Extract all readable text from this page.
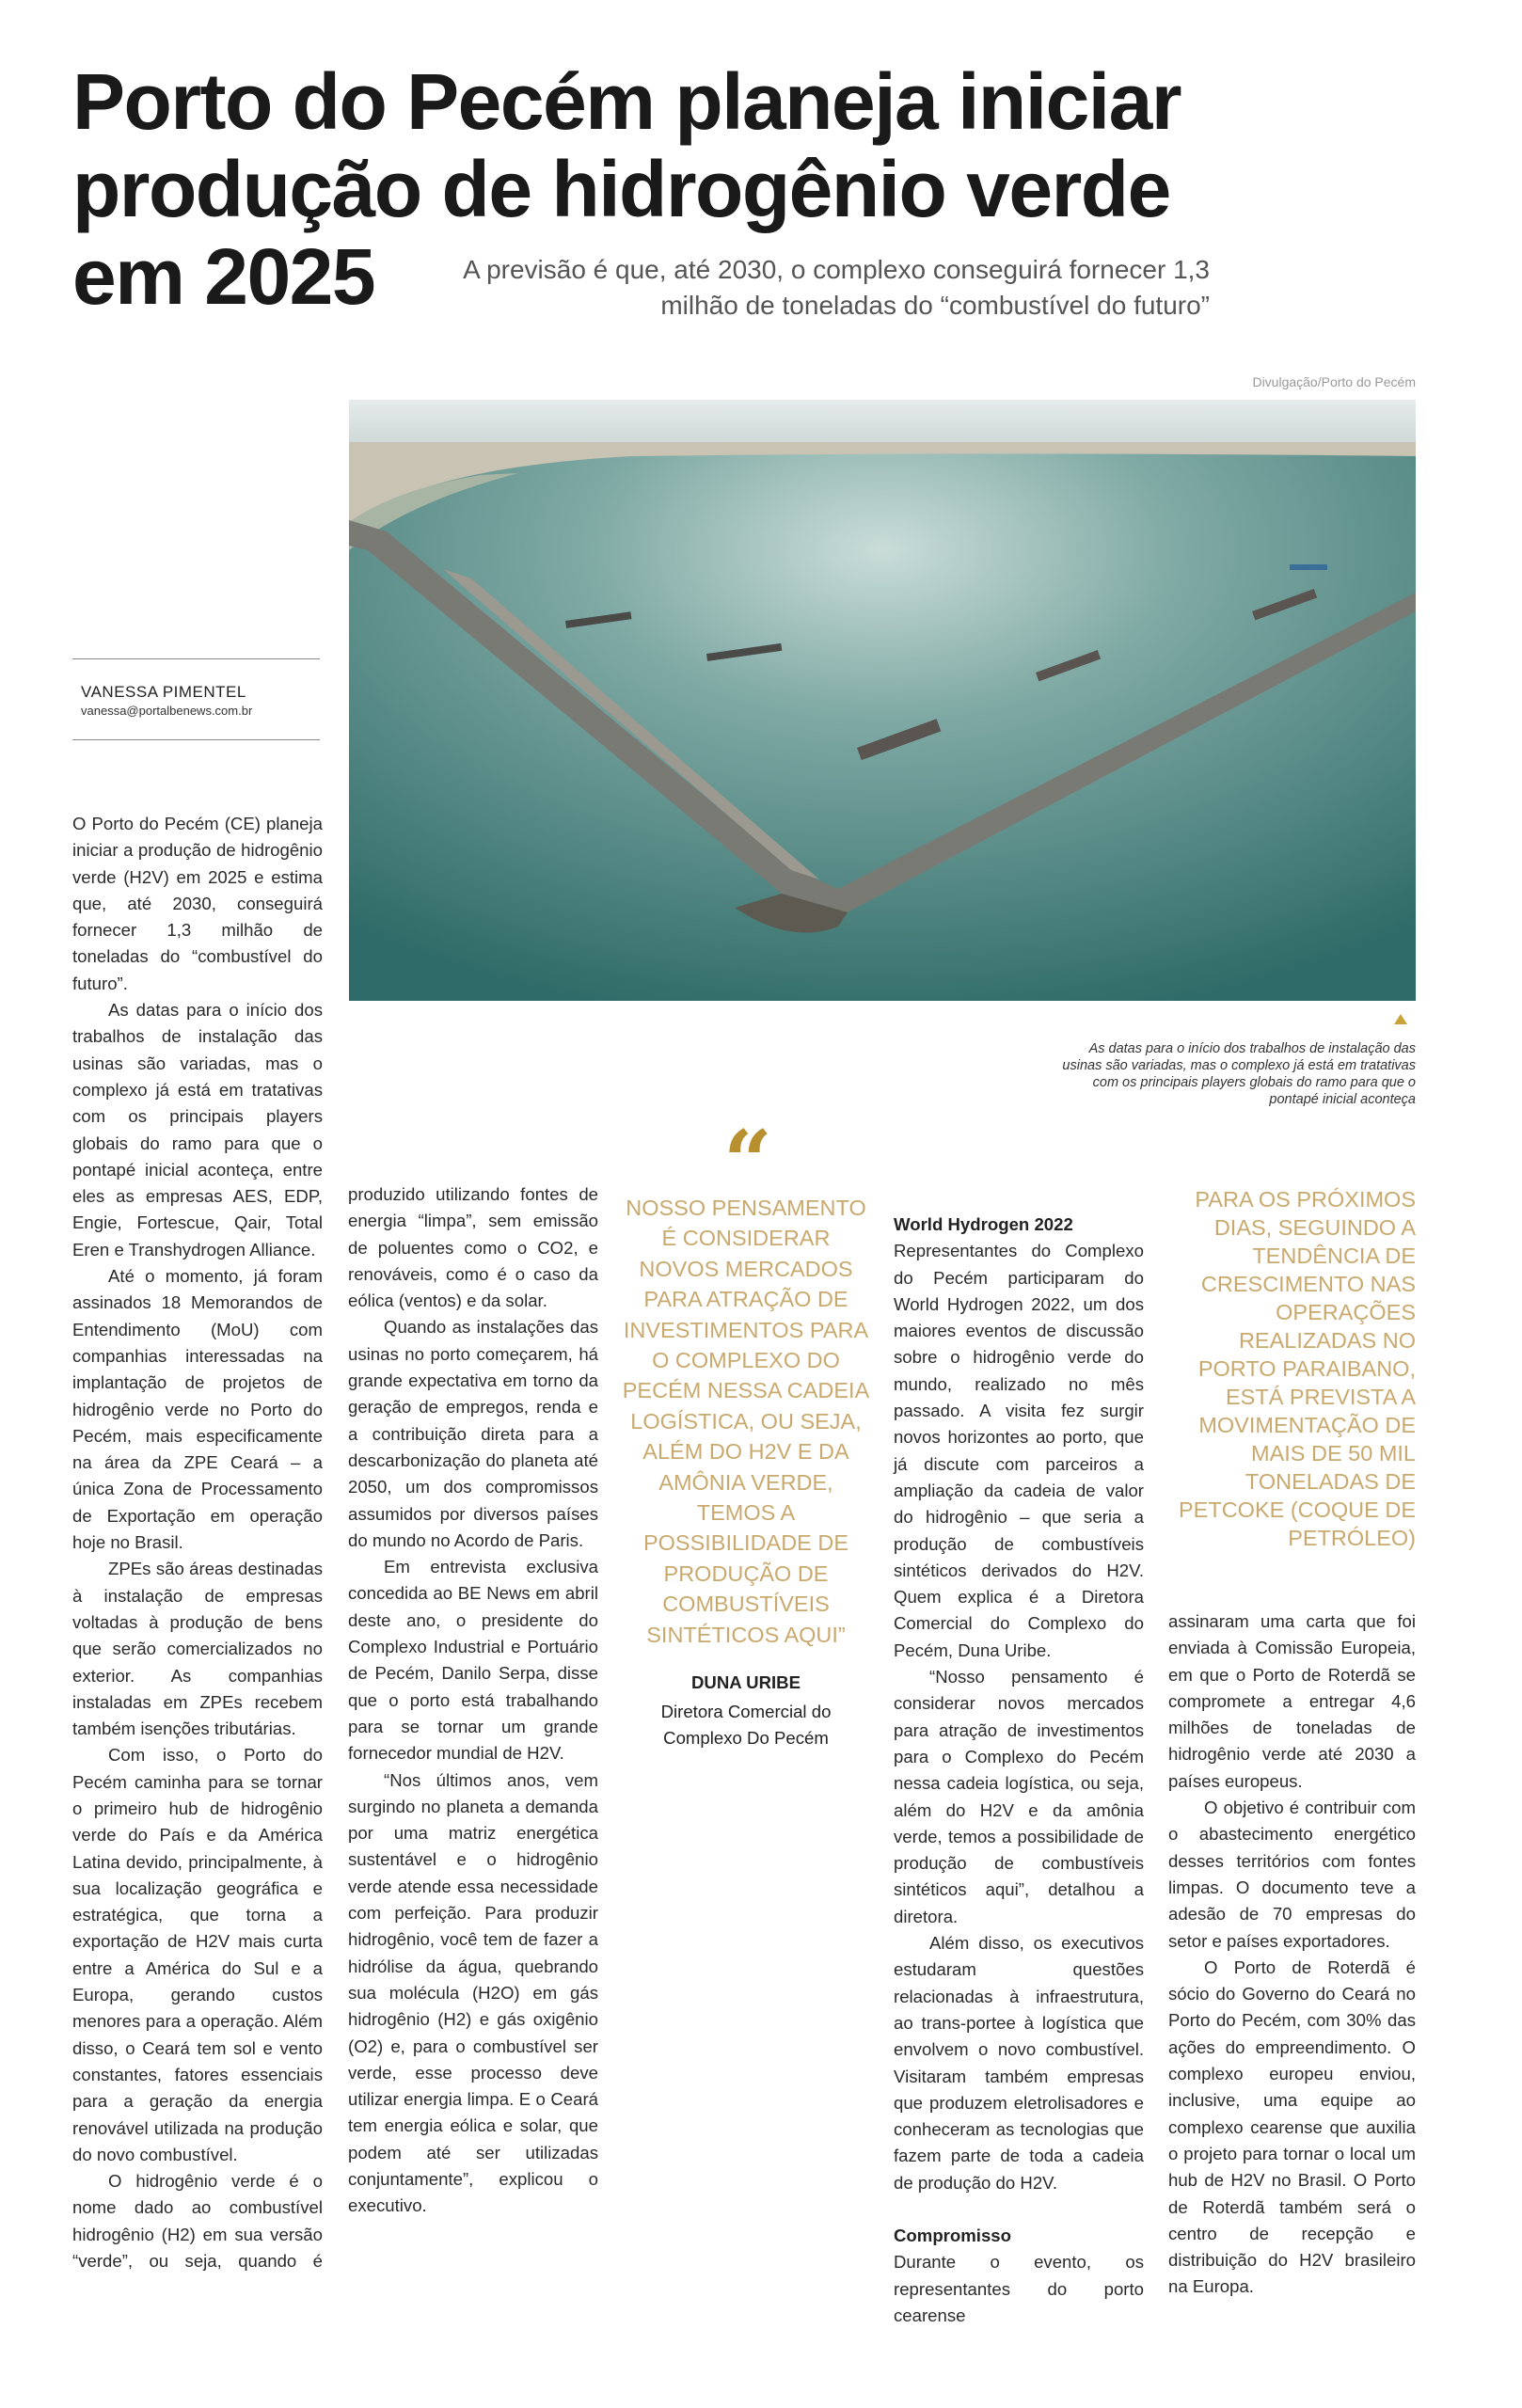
Porto do Pecém planeja iniciar produção de hidrogênio verde em 2025	A previsão é que, até 2030, o complexo conseguirá fornecer 1,3 milhão de toneladas do “combustível do futuro”
Divulgação/Porto do Pecém
As datas para o início dos trabalhos de instalação das usinas são variadas, mas o complexo já está em tratativas com os principais players globais do ramo para que o pontapé inicial aconteça
VANESSA PIMENTEL
vanessa@portalbenews.com.br

O Porto do Pecém (CE) planeja iniciar a produção de hidrogênio verde (H2V) em 2025 e estima que, até 2030, conseguirá fornecer 1,3 milhão de toneladas do “combustível do futuro”.

As datas para o início dos trabalhos de instalação das usinas são variadas, mas o complexo já está em tratativas com os principais players globais do ramo para que o pontapé inicial aconteça, entre eles as empresas AES, EDP, Engie, Fortescue, Qair, Total Eren e Transhydrogen Alliance.

Até o momento, já foram assinados 18 Memorandos de Entendimento (MoU) com companhias interessadas na implantação de projetos de hidrogênio verde no Porto do Pecém, mais especificamente na área da ZPE Ceará – a única Zona de Processamento de Exportação em operação hoje no Brasil.

ZPEs são áreas destinadas à instalação de empresas voltadas à produção de bens que serão comercializados no exterior. As companhias instaladas em ZPEs recebem também isenções tributárias.

Com isso, o Porto do Pecém caminha para se tornar o primeiro hub de hidrogênio verde do País e da América Latina devido, principalmente, à sua localização geográfica e estratégica, que torna a exportação de H2V mais curta entre a América do Sul e a Europa, gerando custos menores para a operação. Além disso, o Ceará tem sol e vento constantes, fatores essenciais para a geração da energia renovável utilizada na produção do novo combustível.

O hidrogênio verde é o nome dado ao combustível hidrogênio (H2) em sua versão “verde”, ou seja, quando é

produzido utilizando fontes de energia “limpa”, sem emissão de poluentes como o CO2, e renováveis, como é o caso da eólica (ventos) e da solar.

Quando as instalações das usinas no porto começarem, há grande expectativa em torno da geração de empregos, renda e a contribuição direta para a descarbonização do planeta até 2050, um dos compromissos assumidos por diversos países do mundo no Acordo de Paris.

Em entrevista exclusiva concedida ao BE News em abril deste ano, o presidente do Complexo Industrial e Portuário de Pecém, Danilo Serpa, disse que o porto está trabalhando para se tornar um grande fornecedor mundial de H2V.

“Nos últimos anos, vem surgindo no planeta a demanda por uma matriz energética sustentável e o hidrogênio verde atende essa necessidade com perfeição. Para produzir hidrogênio, você tem de fazer a hidrólise da água, quebrando sua molécula (H2O) em gás hidrogênio (H2) e gás oxigênio (O2) e, para o combustível ser verde, esse processo deve utilizar energia limpa. E o Ceará tem energia eólica e solar, que podem até ser utilizadas conjuntamente”, explicou o executivo.

“
NOSSO PENSAMENTO É CONSIDERAR NOVOS MERCADOS PARA ATRAÇÃO DE INVESTIMENTOS PARA O COMPLEXO DO PECÉM NESSA CADEIA LOGÍSTICA, OU SEJA, ALÉM DO H2V E DA AMÔNIA VERDE, TEMOS A POSSIBILIDADE DE PRODUÇÃO DE COMBUSTÍVEIS SINTÉTICOS AQUI”
DUNA URIBE
Diretora Comercial do Complexo Do Pecém
World Hydrogen 2022

Representantes do Complexo do Pecém participaram do World Hydrogen 2022, um dos maiores eventos de discussão sobre o hidrogênio verde do mundo, realizado no mês passado. A visita fez surgir novos horizontes ao porto, que já discute com parceiros a ampliação da cadeia de valor do hidrogênio – que seria a produção de combustíveis sintéticos derivados do H2V. Quem explica é a Diretora Comercial do Complexo do Pecém, Duna Uribe.

“Nosso pensamento é considerar novos mercados para atração de investimentos para o Complexo do Pecém nessa cadeia logística, ou seja, além do H2V e da amônia verde, temos a possibilidade de produção de combustíveis sintéticos aqui”, detalhou a diretora.

Além disso, os executivos estudaram questões relacionadas à infraestrutura, ao trans-portee à logística que envolvem o novo combustível. Visitaram também empresas que produzem eletrolisadores e conheceram as tecnologias que fazem parte de toda a cadeia de produção do H2V.

Compromisso

Durante o evento, os representantes do porto cearense

PARA OS PRÓXIMOS DIAS, SEGUINDO A TENDÊNCIA DE CRESCIMENTO NAS OPERAÇÕES REALIZADAS NO PORTO PARAIBANO, ESTÁ PREVISTA A MOVIMENTAÇÃO DE MAIS DE 50 MIL TONELADAS DE PETCOKE (COQUE DE PETRÓLEO)

assinaram uma carta que foi enviada à Comissão Europeia, em que o Porto de Roterdã se compromete a entregar 4,6 milhões de toneladas de hidrogênio verde até 2030 a países europeus.

O objetivo é contribuir com o abastecimento energético desses territórios com fontes limpas. O documento teve a adesão de 70 empresas do setor e países exportadores.

O Porto de Roterdã é sócio do Governo do Ceará no Porto do Pecém, com 30% das ações do empreendimento. O complexo europeu enviou, inclusive, uma equipe ao complexo cearense que auxilia o projeto para tornar o local um hub de H2V no Brasil. O Porto de Roterdã também será o centro de recepção e distribuição do H2V brasileiro na Europa.
